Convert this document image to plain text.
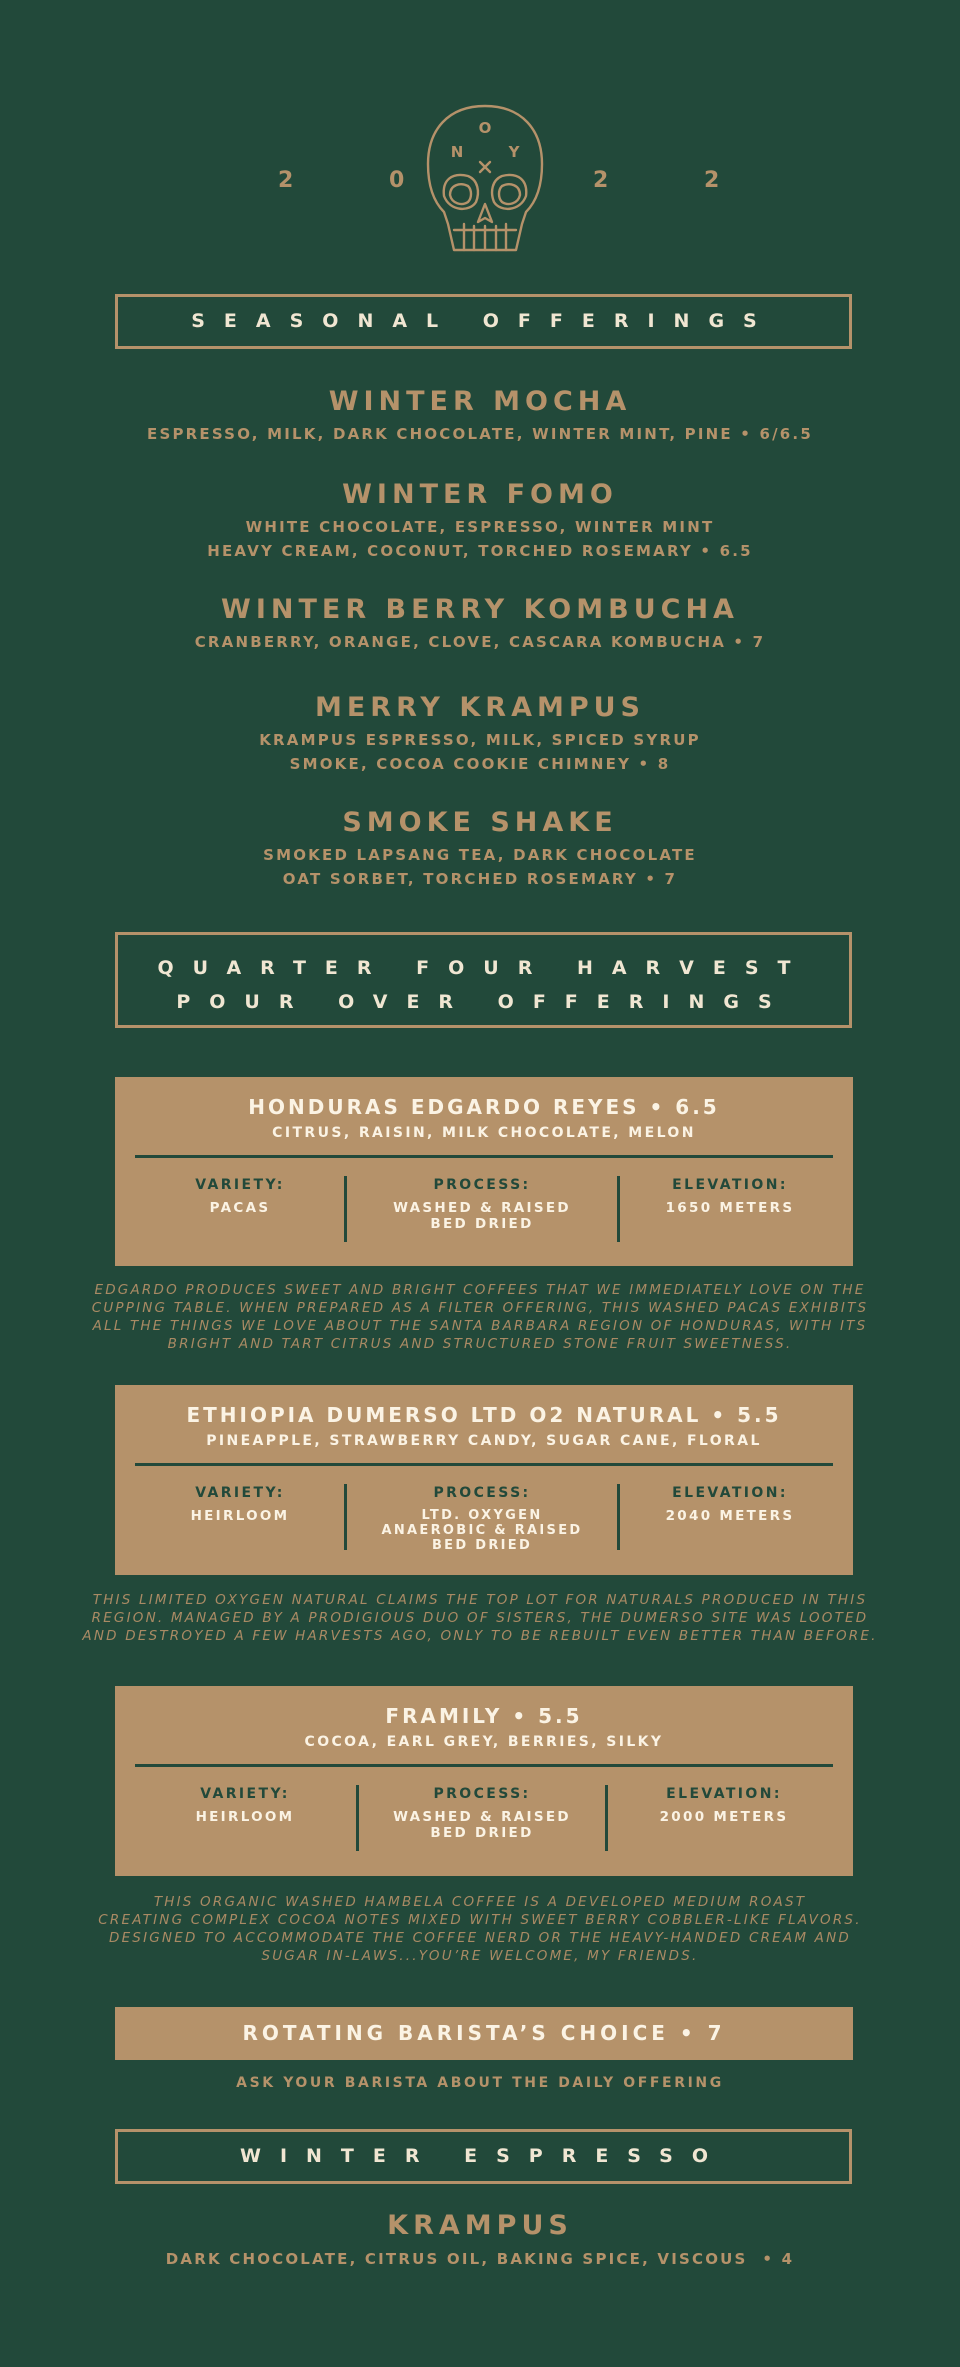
2 0	2 2
O
N	Y
SEASONAL OFFERINGS
WINTER MOCHA
ESPRESSO, MILK, DARK CHOCOLATE, WINTER MINT, PINE • 6/6.5
WINTER FOMO
WHITE CHOCOLATE, ESPRESSO, WINTER MINT
HEAVY CREAM, COCONUT, TORCHED ROSEMARY • 6.5
WINTER BERRY KOMBUCHA
CRANBERRY, ORANGE, CLOVE, CASCARA KOMBUCHA • 7
MERRY KRAMPUS
KRAMPUS ESPRESSO, MILK, SPICED SYRUP
SMOKE, COCOA COOKIE CHIMNEY • 8
SMOKE SHAKE
SMOKED LAPSANG TEA, DARK CHOCOLATE
OAT SORBET, TORCHED ROSEMARY • 7
QUARTER FOUR HARVEST
POUR OVER OFFERINGS
HONDURAS EDGARDO REYES • 6.5
CITRUS, RAISIN, MILK CHOCOLATE, MELON
VARIETY:
PACAS
PROCESS:
WASHED & RAISED
BED DRIED
ELEVATION:
1650 METERS
EDGARDO PRODUCES SWEET AND BRIGHT COFFEES THAT WE IMMEDIATELY LOVE ON THE
CUPPING TABLE. WHEN PREPARED AS A FILTER OFFERING, THIS WASHED PACAS EXHIBITS
ALL THE THINGS WE LOVE ABOUT THE SANTA BARBARA REGION OF HONDURAS, WITH ITS
BRIGHT AND TART CITRUS AND STRUCTURED STONE FRUIT SWEETNESS.
ETHIOPIA DUMERSO LTD O2 NATURAL • 5.5
PINEAPPLE, STRAWBERRY CANDY, SUGAR CANE, FLORAL
VARIETY:
HEIRLOOM
PROCESS:
LTD. OXYGEN
ANAEROBIC & RAISED
BED DRIED
ELEVATION:
2040 METERS
THIS LIMITED OXYGEN NATURAL CLAIMS THE TOP LOT FOR NATURALS PRODUCED IN THIS
REGION. MANAGED BY A PRODIGIOUS DUO OF SISTERS, THE DUMERSO SITE WAS LOOTED
AND DESTROYED A FEW HARVESTS AGO, ONLY TO BE REBUILT EVEN BETTER THAN BEFORE.
FRAMILY • 5.5
COCOA, EARL GREY, BERRIES, SILKY
VARIETY:
HEIRLOOM
PROCESS:
WASHED & RAISED
BED DRIED
ELEVATION:
2000 METERS
THIS ORGANIC WASHED HAMBELA COFFEE IS A DEVELOPED MEDIUM ROAST
CREATING COMPLEX COCOA NOTES MIXED WITH SWEET BERRY COBBLER-LIKE FLAVORS.
DESIGNED TO ACCOMMODATE THE COFFEE NERD OR THE HEAVY-HANDED CREAM AND
SUGAR IN-LAWS...YOU’RE WELCOME, MY FRIENDS.
ROTATING BARISTA’S CHOICE • 7
ASK YOUR BARISTA ABOUT THE DAILY OFFERING
WINTER ESPRESSO
KRAMPUS
DARK CHOCOLATE, CITRUS OIL, BAKING SPICE, VISCOUS  • 4
